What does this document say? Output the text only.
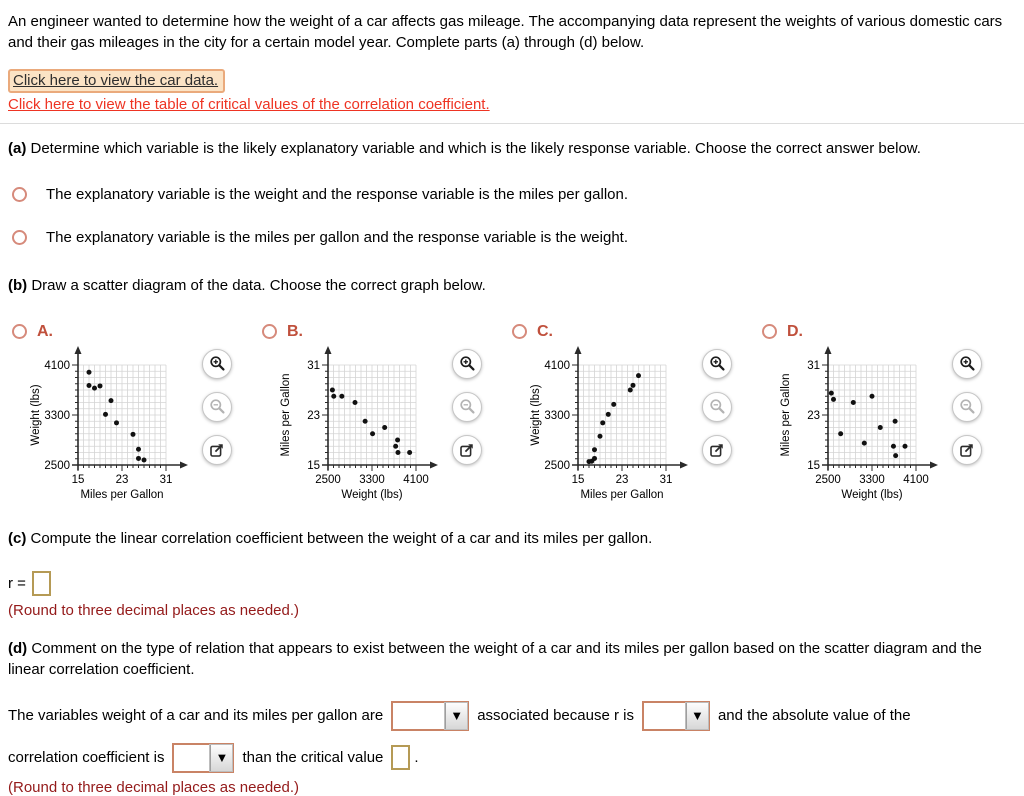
An engineer wanted to determine how the weight of a car affects gas mileage. The accompanying data represent the weights of various domestic cars and their gas mileages in the city for a certain model year. Complete parts (a) through (d) below.

Click here to view the car data.
Click here to view the table of critical values of the correlation coefficient.

(a) Determine which variable is the likely explanatory variable and which is the likely response variable. Choose the correct answer below.

The explanatory variable is the weight and the response variable is the miles per gallon.
The explanatory variable is the miles per gallon and the response variable is the weight.

(b) Draw a scatter diagram of the data. Choose the correct graph below.

A.
2500
3300
4100
15	23	31
Weight (lbs)
Miles per Gallon
B.
15
23
31
2500 3300 4100
Miles per Gallon
Weight (lbs)
C.
2500
3300
4100
15	23	31
Weight (lbs)
Miles per Gallon
D.
15
23
31
2500 3300 4100
Miles per Gallon
Weight (lbs)

(c) Compute the linear correlation coefficient between the weight of a car and its miles per gallon.

r =

(Round to three decimal places as needed.)

(d) Comment on the type of relation that appears to exist between the weight of a car and its miles per gallon based on the scatter diagram and the linear correlation coefficient.

The variables weight of a car and its miles per gallon are	▼ associated because r is	▼ and the absolute value of the
correlation coefficient is	▼ than the critical value .

(Round to three decimal places as needed.)
